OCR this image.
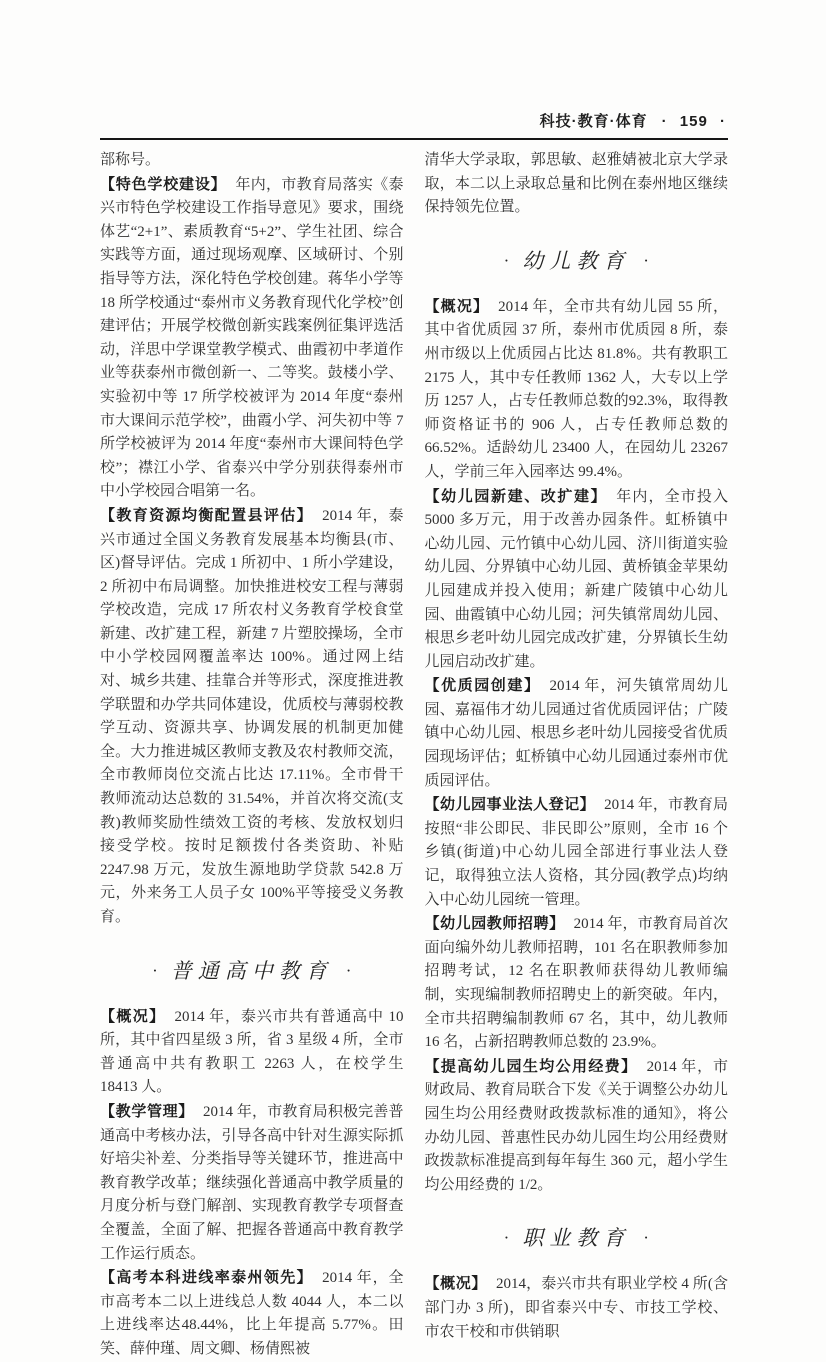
科技·教育·体育 · 159 ·

部称号。

【特色学校建设】 年内，市教育局落实《泰兴市特色学校建设工作指导意见》要求，围绕体艺“2+1”、素质教育“5+2”、学生社团、综合实践等方面，通过现场观摩、区域研讨、个别指导等方法，深化特色学校创建。蒋华小学等 18 所学校通过“泰州市义务教育现代化学校”创建评估；开展学校微创新实践案例征集评选活动，洋思中学课堂教学模式、曲霞初中孝道作业等获泰州市微创新一、二等奖。鼓楼小学、实验初中等 17 所学校被评为 2014 年度“泰州市大课间示范学校”，曲霞小学、河失初中等 7 所学校被评为 2014 年度“泰州市大课间特色学校”；襟江小学、省泰兴中学分别获得泰州市中小学校园合唱第一名。

【教育资源均衡配置县评估】 2014 年，泰兴市通过全国义务教育发展基本均衡县(市、区)督导评估。完成 1 所初中、1 所小学建设，2 所初中布局调整。加快推进校安工程与薄弱学校改造，完成 17 所农村义务教育学校食堂新建、改扩建工程，新建 7 片塑胶操场，全市中小学校园网覆盖率达 100%。通过网上结对、城乡共建、挂靠合并等形式，深度推进教学联盟和办学共同体建设，优质校与薄弱校教学互动、资源共享、协调发展的机制更加健全。大力推进城区教师支教及农村教师交流，全市教师岗位交流占比达 17.11%。全市骨干教师流动达总数的 31.54%，并首次将交流(支教)教师奖励性绩效工资的考核、发放权划归接受学校。按时足额拨付各类资助、补贴 2247.98 万元，发放生源地助学贷款 542.8 万元，外来务工人员子女 100%平等接受义务教育。

· 普通高中教育 ·

【概况】 2014 年，泰兴市共有普通高中 10 所，其中省四星级 3 所，省 3 星级 4 所，全市普通高中共有教职工 2263 人，在校学生 18413 人。

【教学管理】 2014 年，市教育局积极完善普通高中考核办法，引导各高中针对生源实际抓好培尖补差、分类指导等关键环节，推进高中教育教学改革；继续强化普通高中教学质量的月度分析与登门解剖、实现教育教学专项督查全覆盖，全面了解、把握各普通高中教育教学工作运行质态。

【高考本科进线率泰州领先】 2014 年，全市高考本二以上进线总人数 4044 人，本二以上进线率达48.44%，比上年提高 5.77%。田笑、薛仲瑾、周文卿、杨倩熙被

清华大学录取，郭思敏、赵雅婧被北京大学录取，本二以上录取总量和比例在泰州地区继续保持领先位置。

· 幼儿教育 ·

【概况】 2014 年，全市共有幼儿园 55 所，其中省优质园 37 所，泰州市优质园 8 所，泰州市级以上优质园占比达 81.8%。共有教职工 2175 人，其中专任教师 1362 人，大专以上学历 1257 人，占专任教师总数的92.3%，取得教师资格证书的 906 人，占专任教师总数的66.52%。适龄幼儿 23400 人，在园幼儿 23267 人，学前三年入园率达 99.4%。

【幼儿园新建、改扩建】 年内，全市投入 5000 多万元，用于改善办园条件。虹桥镇中心幼儿园、元竹镇中心幼儿园、济川街道实验幼儿园、分界镇中心幼儿园、黄桥镇金苹果幼儿园建成并投入使用；新建广陵镇中心幼儿园、曲霞镇中心幼儿园；河失镇常周幼儿园、根思乡老叶幼儿园完成改扩建，分界镇长生幼儿园启动改扩建。

【优质园创建】 2014 年，河失镇常周幼儿园、嘉福伟才幼儿园通过省优质园评估；广陵镇中心幼儿园、根思乡老叶幼儿园接受省优质园现场评估；虹桥镇中心幼儿园通过泰州市优质园评估。

【幼儿园事业法人登记】 2014 年，市教育局按照“非公即民、非民即公”原则，全市 16 个乡镇(街道)中心幼儿园全部进行事业法人登记，取得独立法人资格，其分园(教学点)均纳入中心幼儿园统一管理。

【幼儿园教师招聘】 2014 年，市教育局首次面向编外幼儿教师招聘，101 名在职教师参加招聘考试，12 名在职教师获得幼儿教师编制，实现编制教师招聘史上的新突破。年内，全市共招聘编制教师 67 名，其中，幼儿教师 16 名，占新招聘教师总数的 23.9%。

【提高幼儿园生均公用经费】 2014 年，市财政局、教育局联合下发《关于调整公办幼儿园生均公用经费财政拨款标准的通知》，将公办幼儿园、普惠性民办幼儿园生均公用经费财政拨款标准提高到每年每生 360 元，超小学生均公用经费的 1/2。

· 职业教育 ·

【概况】 2014，泰兴市共有职业学校 4 所(含部门办 3 所)，即省泰兴中专、市技工学校、市农干校和市供销职
